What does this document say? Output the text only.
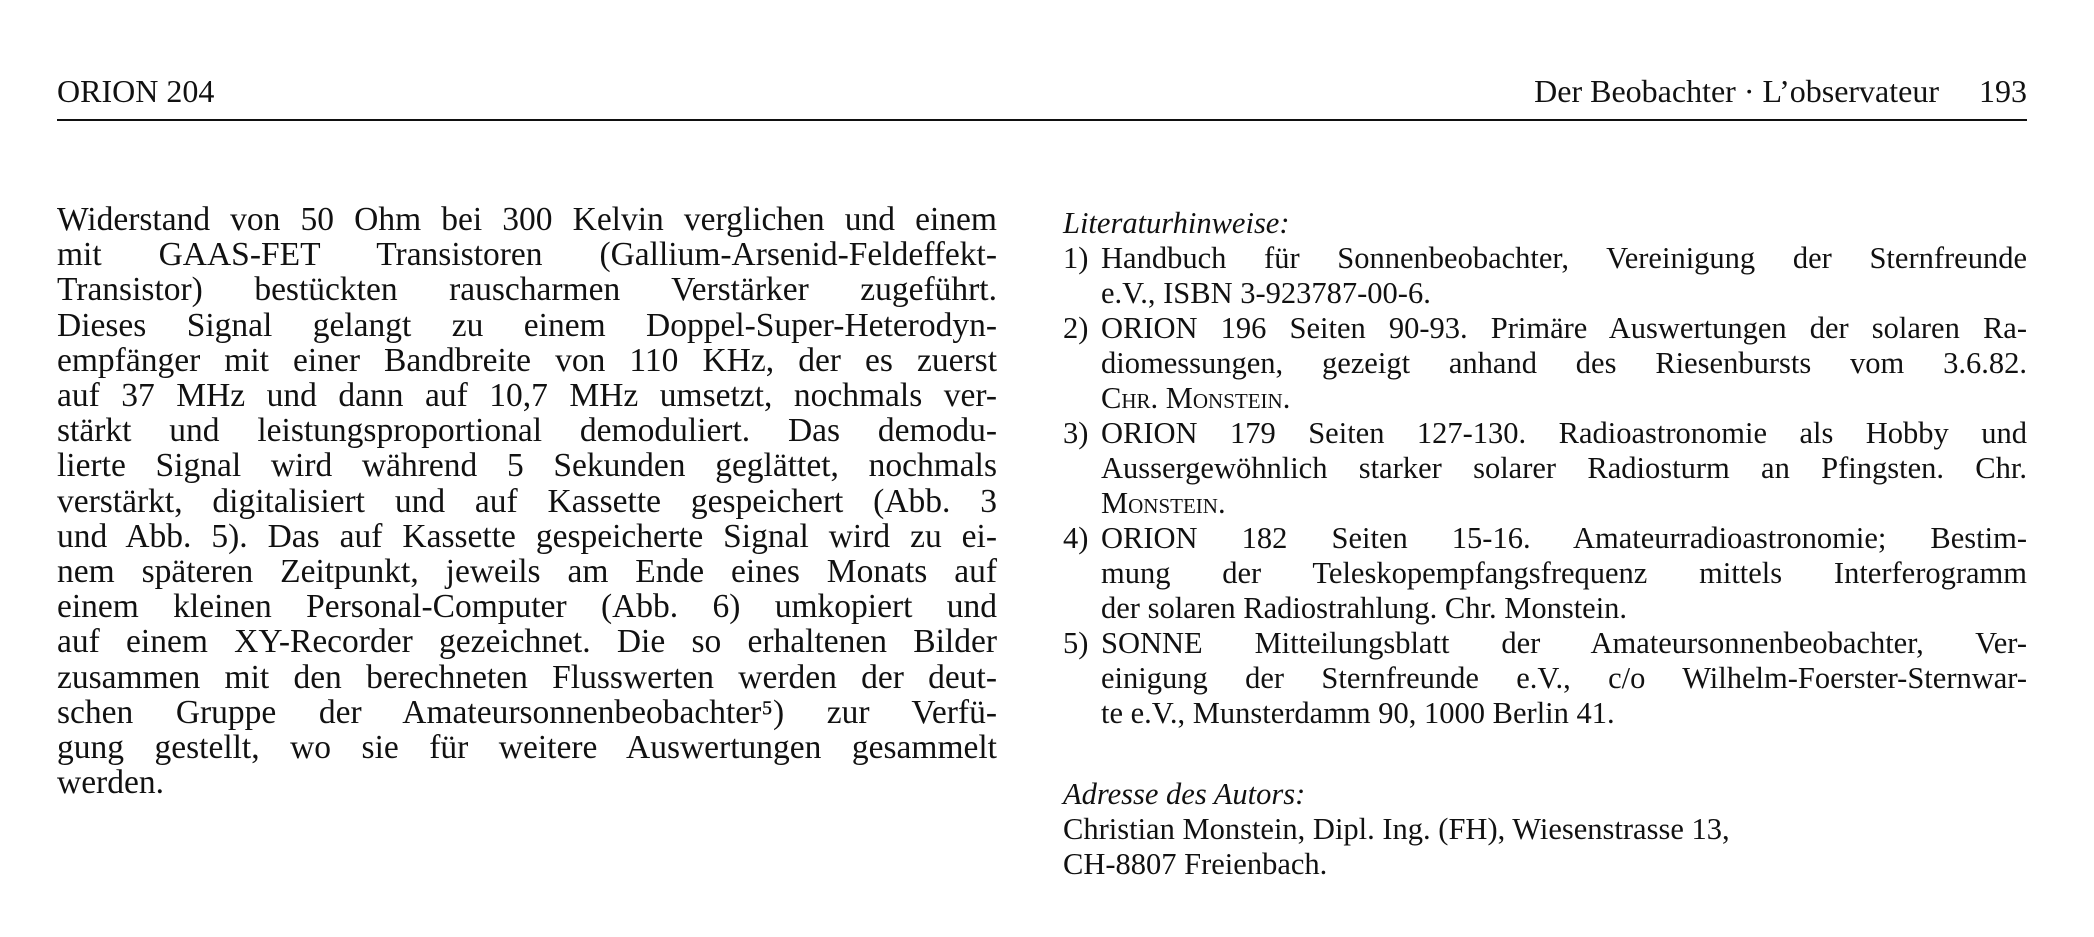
ORION 204	Der Beobachter · L’observateur 193
Widerstand von 50 Ohm bei 300 Kelvin verglichen und einem
mit GAAS-FET Transistoren (Gallium-Arsenid-Feldeffekt-
Transistor) bestückten rauscharmen Verstärker zugeführt.
Dieses Signal gelangt zu einem Doppel-Super-Heterodyn-
empfänger mit einer Bandbreite von 110 KHz, der es zuerst
auf 37 MHz und dann auf 10,7 MHz umsetzt, nochmals ver-
stärkt und leistungsproportional demoduliert. Das demodu-
lierte Signal wird während 5 Sekunden geglättet, nochmals
verstärkt, digitalisiert und auf Kassette gespeichert (Abb. 3
und Abb. 5). Das auf Kassette gespeicherte Signal wird zu ei-
nem späteren Zeitpunkt, jeweils am Ende eines Monats auf
einem kleinen Personal-Computer (Abb. 6) umkopiert und
auf einem XY-Recorder gezeichnet. Die so erhaltenen Bilder
zusammen mit den berechneten Flusswerten werden der deut-
schen Gruppe der Amateursonnenbeobachter⁵) zur Verfü-
gung gestellt, wo sie für weitere Auswertungen gesammelt
werden.
Literaturhinweise:
1) Handbuch für Sonnenbeobachter, Vereinigung der Sternfreunde
e.V., ISBN 3-923787-00-6.
2) ORION 196 Seiten 90-93. Primäre Auswertungen der solaren Ra-
diomessungen, gezeigt anhand des Riesenbursts vom 3.6.82.
Chr. Monstein.
3) ORION 179 Seiten 127-130. Radioastronomie als Hobby und
Aussergewöhnlich starker solarer Radiosturm an Pfingsten. Chr.
Monstein.
4) ORION 182 Seiten 15-16. Amateurradioastronomie; Bestim-
mung der Teleskopempfangsfrequenz mittels Interferogramm
der solaren Radiostrahlung. Chr. Monstein.
5) SONNE Mitteilungsblatt der Amateursonnenbeobachter, Ver-
einigung der Sternfreunde e.V., c/o Wilhelm-Foerster-Sternwar-
te e.V., Munsterdamm 90, 1000 Berlin 41.
Adresse des Autors:
Christian Monstein, Dipl. Ing. (FH), Wiesenstrasse 13,
CH-8807 Freienbach.
